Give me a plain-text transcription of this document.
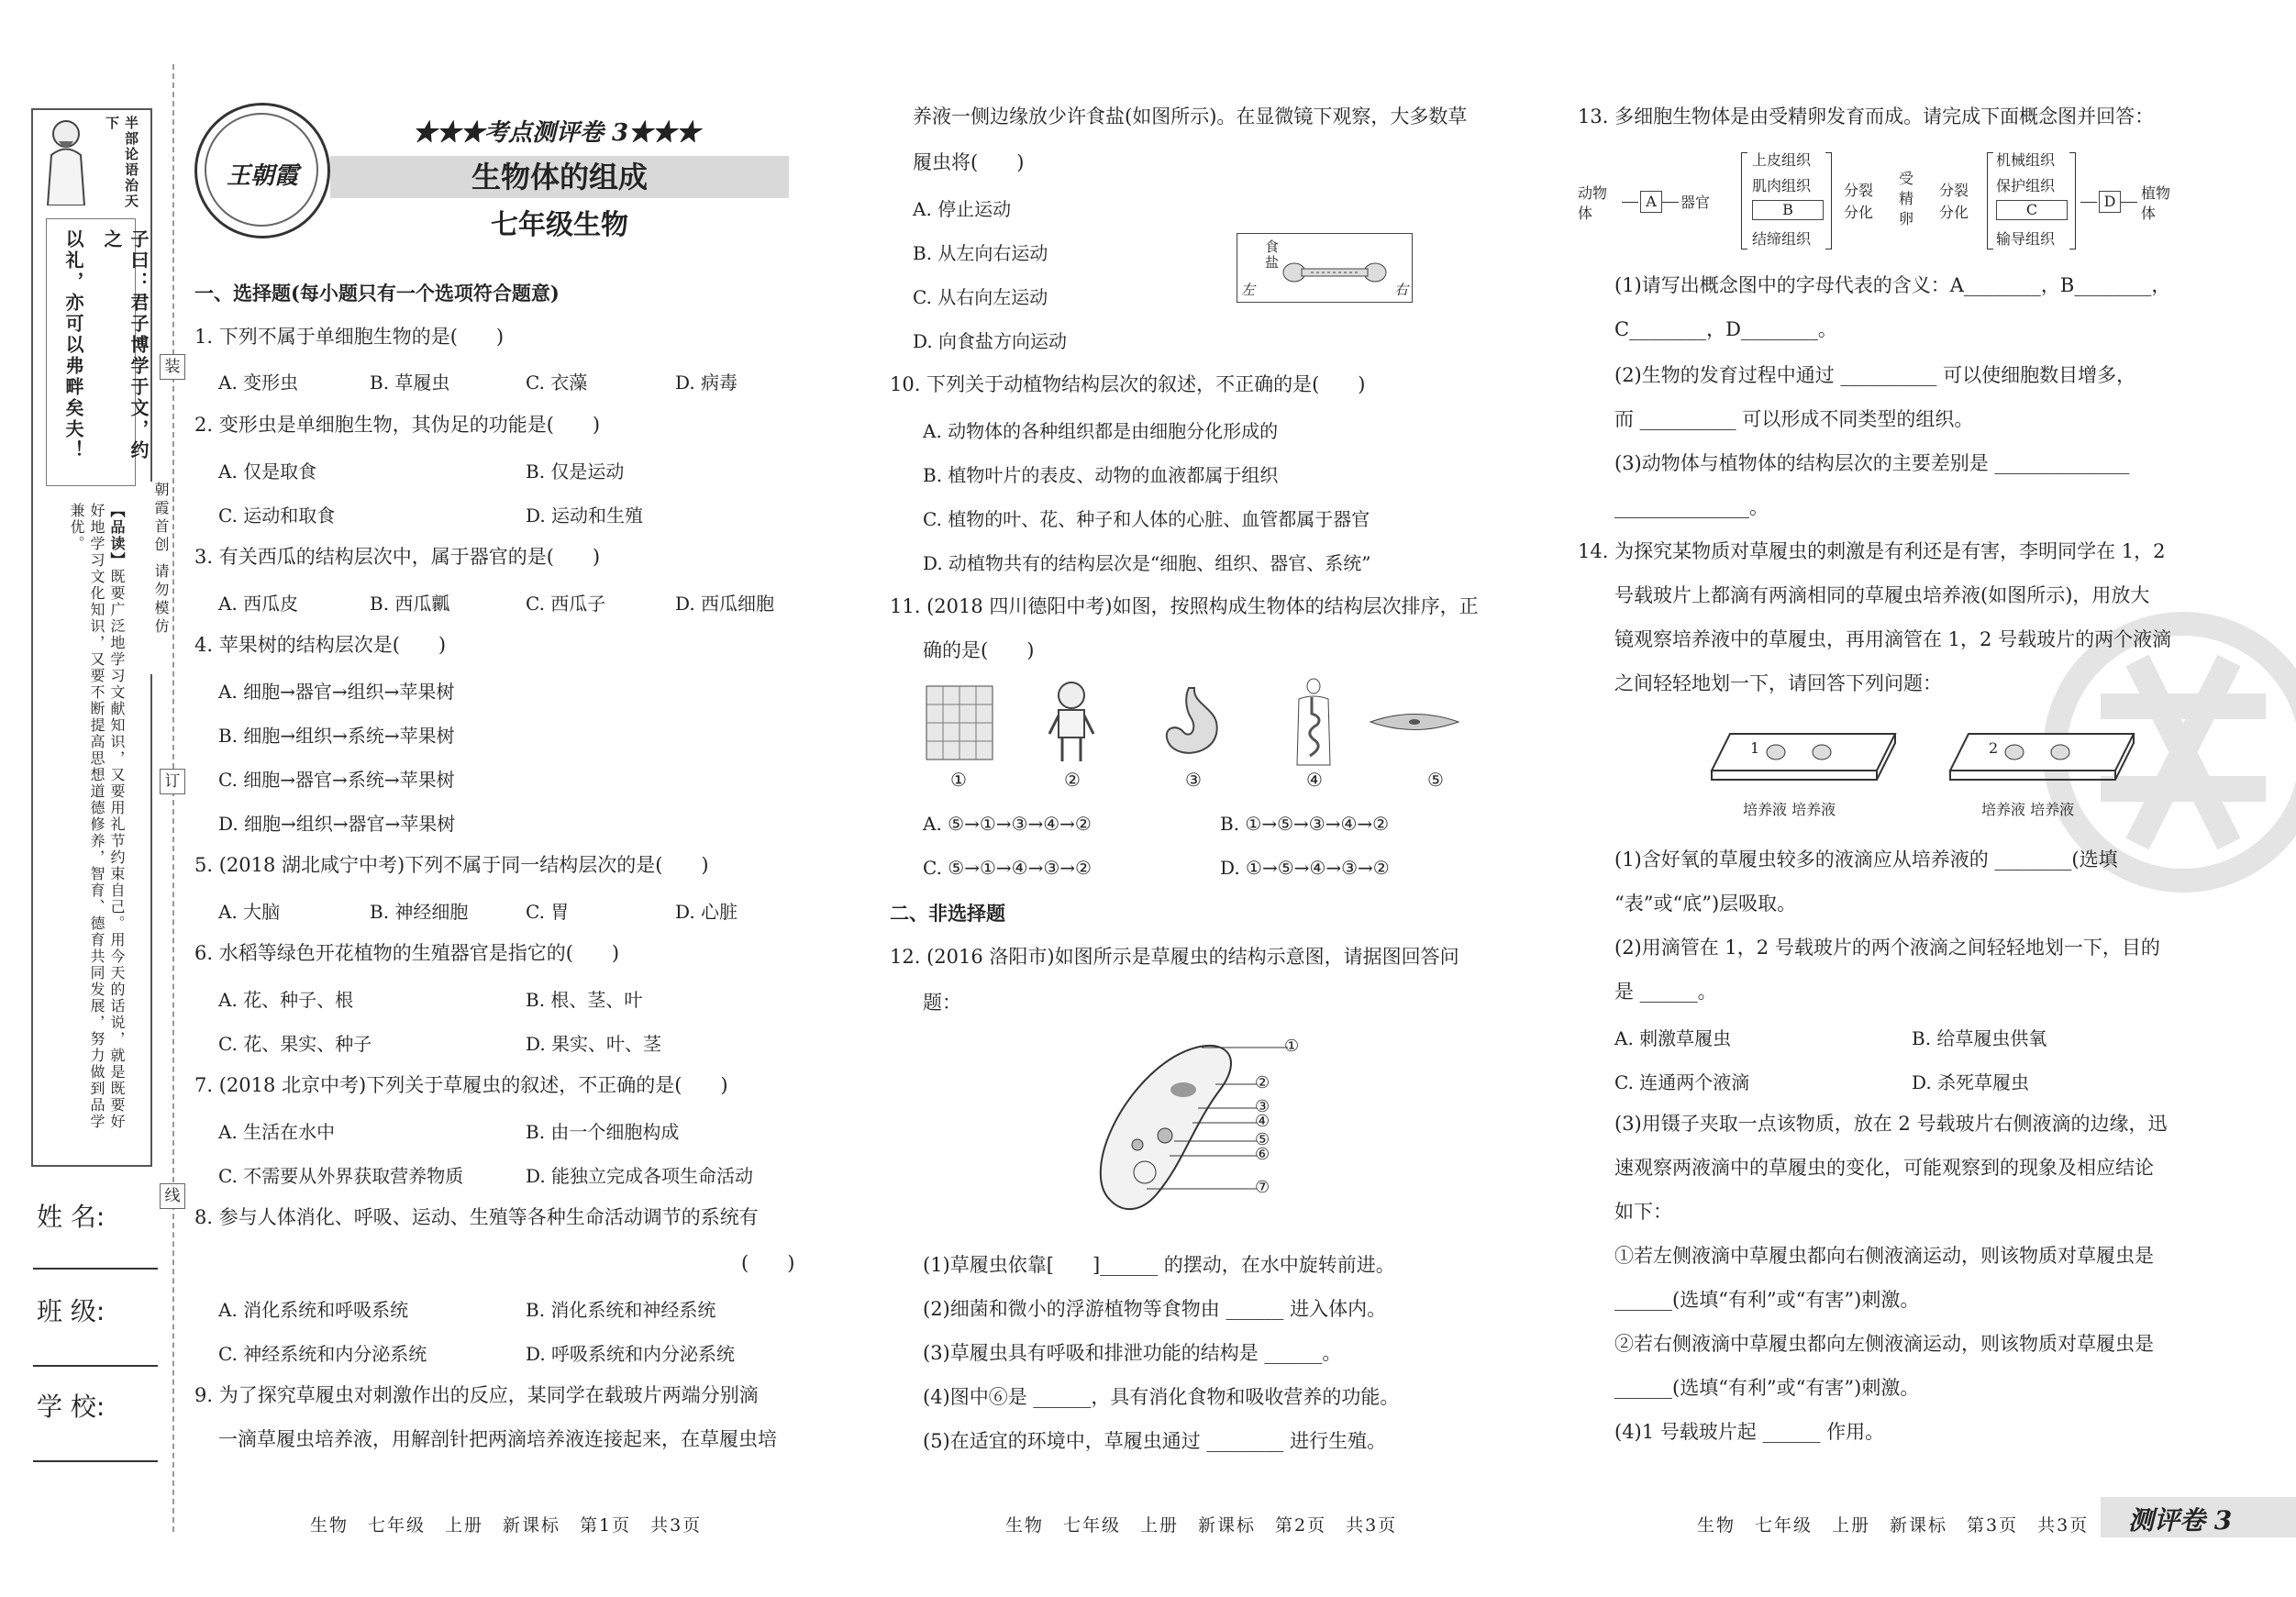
半部论语治天下
子曰：君子博学于文，约之
以礼，亦可以弗畔矣夫！
【品读】既要广泛地学习文献知识，又要用礼节约束自己。用今天的话说，就是既要好好地学习文化知识，又要不断提高思想道德修养，智育、德育共同发展，努力做到品学兼优。
装
订
线
朝霞首创 请勿模仿
姓 名:
班 级:
学 校:
王朝霞
★★★考点测评卷 3★★★
生物体的组成
七年级生物
一、选择题(每小题只有一个选项符合题意)
1. 下列不属于单细胞生物的是(　　)
A. 变形虫	B. 草履虫	C. 衣藻	D. 病毒
2. 变形虫是单细胞生物，其伪足的功能是(　　)
A. 仅是取食	B. 仅是运动
C. 运动和取食	D. 运动和生殖
3. 有关西瓜的结构层次中，属于器官的是(　　)
A. 西瓜皮	B. 西瓜瓤	C. 西瓜子	D. 西瓜细胞
4. 苹果树的结构层次是(　　)
A. 细胞→器官→组织→苹果树
B. 细胞→组织→系统→苹果树
C. 细胞→器官→系统→苹果树
D. 细胞→组织→器官→苹果树
5. (2018 湖北咸宁中考)下列不属于同一结构层次的是(　　)
A. 大脑	B. 神经细胞	C. 胃	D. 心脏
6. 水稻等绿色开花植物的生殖器官是指它的(　　)
A. 花、种子、根	B. 根、茎、叶
C. 花、果实、种子	D. 果实、叶、茎
7. (2018 北京中考)下列关于草履虫的叙述，不正确的是(　　)
A. 生活在水中	B. 由一个细胞构成
C. 不需要从外界获取营养物质	D. 能独立完成各项生命活动
8. 参与人体消化、呼吸、运动、生殖等各种生命活动调节的系统有
(　　)
A. 消化系统和呼吸系统	B. 消化系统和神经系统
C. 神经系统和内分泌系统	D. 呼吸系统和内分泌系统
9. 为了探究草履虫对刺激作出的反应，某同学在载玻片两端分别滴
一滴草履虫培养液，用解剖针把两滴培养液连接起来，在草履虫培
生物　七年级　上册　新课标　第1页　共3页
养液一侧边缘放少许食盐(如图所示)。在显微镜下观察，大多数草
履虫将(　　)
A. 停止运动
B. 从左向右运动
C. 从右向左运动
D. 向食盐方向运动
食盐
左	右
10. 下列关于动植物结构层次的叙述，不正确的是(　　)
A. 动物体的各种组织都是由细胞分化形成的
B. 植物叶片的表皮、动物的血液都属于组织
C. 植物的叶、花、种子和人体的心脏、血管都属于器官
D. 动植物共有的结构层次是“细胞、组织、器官、系统”
11. (2018 四川德阳中考)如图，按照构成生物体的结构层次排序，正
确的是(　　)
①	②	③	④	⑤
A. ⑤→①→③→④→②	B. ①→⑤→③→④→②
C. ⑤→①→④→③→②	D. ①→⑤→④→③→②
二、非选择题
12. (2016 洛阳市)如图所示是草履虫的结构示意图，请据图回答问
题：
①
②
③
④
⑤
⑥
⑦
(1)草履虫依靠[　　]______ 的摆动，在水中旋转前进。
(2)细菌和微小的浮游植物等食物由 ______ 进入体内。
(3)草履虫具有呼吸和排泄功能的结构是 ______。
(4)图中⑥是 ______，具有消化食物和吸收营养的功能。
(5)在适宜的环境中，草履虫通过 ________ 进行生殖。
生物　七年级　上册　新课标　第2页　共3页
13. 多细胞生物体是由受精卵发育而成。请完成下面概念图并回答：
动物体
A	器官
上皮组织
肌肉组织
B
结缔组织
分裂分化
受精卵
分裂分化
机械组织
保护组织
C
输导组织
D	植物体
(1)请写出概念图中的字母代表的含义：A________，B________，
C________，D________。
(2)生物的发育过程中通过 __________ 可以使细胞数目增多，
而 __________ 可以形成不同类型的组织。
(3)动物体与植物体的结构层次的主要差别是 ______________
______________。
14. 为探究某物质对草履虫的刺激是有利还是有害，李明同学在 1，2
号载玻片上都滴有两滴相同的草履虫培养液(如图所示)，用放大
镜观察培养液中的草履虫，再用滴管在 1，2 号载玻片的两个液滴
之间轻轻地划一下，请回答下列问题：
1
培养液 培养液
2
培养液 培养液
(1)含好氧的草履虫较多的液滴应从培养液的 ________(选填
“表”或“底”)层吸取。
(2)用滴管在 1，2 号载玻片的两个液滴之间轻轻地划一下，目的
是 ______。
A. 刺激草履虫	B. 给草履虫供氧
C. 连通两个液滴	D. 杀死草履虫
(3)用镊子夹取一点该物质，放在 2 号载玻片右侧液滴的边缘，迅
速观察两液滴中的草履虫的变化，可能观察到的现象及相应结论
如下：
①若左侧液滴中草履虫都向右侧液滴运动，则该物质对草履虫是
______(选填“有利”或“有害”)刺激。
②若右侧液滴中草履虫都向左侧液滴运动，则该物质对草履虫是
______(选填“有利”或“有害”)刺激。
(4)1 号载玻片起 ______ 作用。
生物　七年级　上册　新课标　第3页　共3页 测评卷 3
